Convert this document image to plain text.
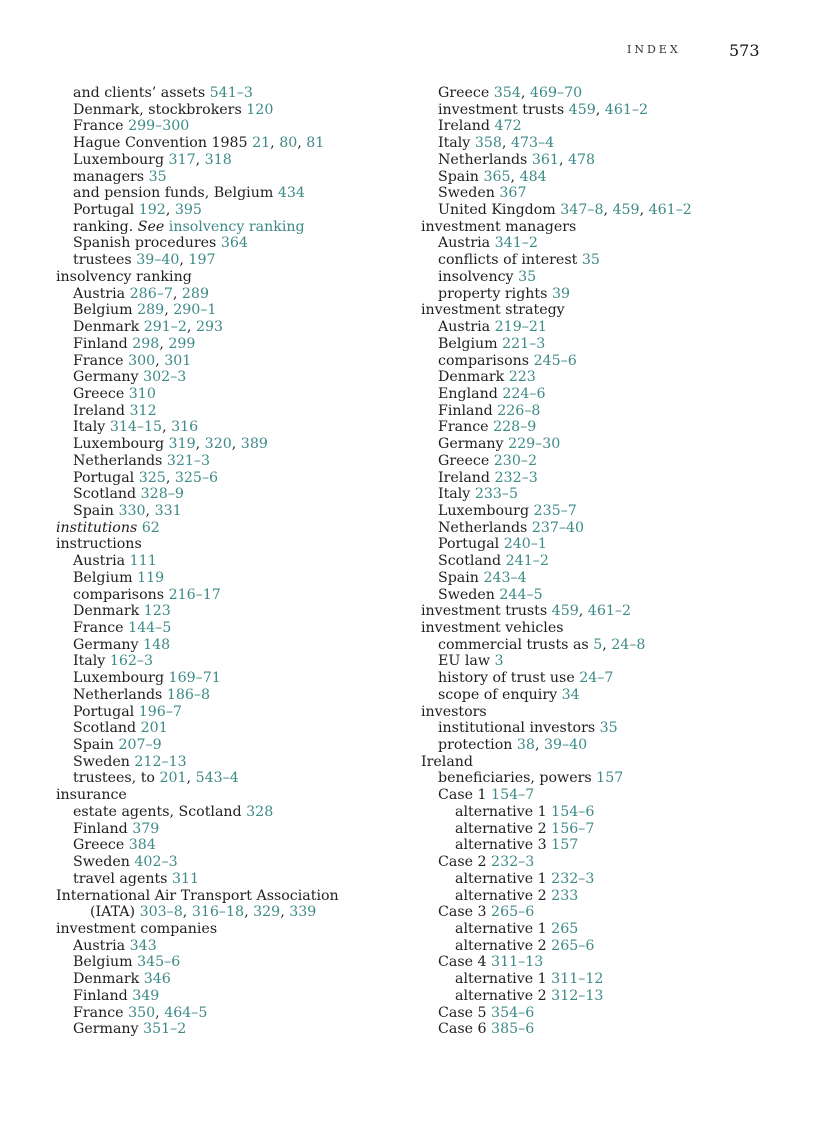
INDEX	573
and clients’ assets 541–3
Denmark, stockbrokers 120
France 299–300
Hague Convention 1985 21, 80, 81
Luxembourg 317, 318
managers 35
and pension funds, Belgium 434
Portugal 192, 395
ranking. See insolvency ranking
Spanish procedures 364
trustees 39–40, 197
insolvency ranking
Austria 286–7, 289
Belgium 289, 290–1
Denmark 291–2, 293
Finland 298, 299
France 300, 301
Germany 302–3
Greece 310
Ireland 312
Italy 314–15, 316
Luxembourg 319, 320, 389
Netherlands 321–3
Portugal 325, 325–6
Scotland 328–9
Spain 330, 331
institutions 62
instructions
Austria 111
Belgium 119
comparisons 216–17
Denmark 123
France 144–5
Germany 148
Italy 162–3
Luxembourg 169–71
Netherlands 186–8
Portugal 196–7
Scotland 201
Spain 207–9
Sweden 212–13
trustees, to 201, 543–4
insurance
estate agents, Scotland 328
Finland 379
Greece 384
Sweden 402–3
travel agents 311
International Air Transport Association
(IATA) 303–8, 316–18, 329, 339
investment companies
Austria 343
Belgium 345–6
Denmark 346
Finland 349
France 350, 464–5
Germany 351–2
Greece 354, 469–70
investment trusts 459, 461–2
Ireland 472
Italy 358, 473–4
Netherlands 361, 478
Spain 365, 484
Sweden 367
United Kingdom 347–8, 459, 461–2
investment managers
Austria 341–2
conflicts of interest 35
insolvency 35
property rights 39
investment strategy
Austria 219–21
Belgium 221–3
comparisons 245–6
Denmark 223
England 224–6
Finland 226–8
France 228–9
Germany 229–30
Greece 230–2
Ireland 232–3
Italy 233–5
Luxembourg 235–7
Netherlands 237–40
Portugal 240–1
Scotland 241–2
Spain 243–4
Sweden 244–5
investment trusts 459, 461–2
investment vehicles
commercial trusts as 5, 24–8
EU law 3
history of trust use 24–7
scope of enquiry 34
investors
institutional investors 35
protection 38, 39–40
Ireland
beneficiaries, powers 157
Case 1 154–7
alternative 1 154–6
alternative 2 156–7
alternative 3 157
Case 2 232–3
alternative 1 232–3
alternative 2 233
Case 3 265–6
alternative 1 265
alternative 2 265–6
Case 4 311–13
alternative 1 311–12
alternative 2 312–13
Case 5 354–6
Case 6 385–6
